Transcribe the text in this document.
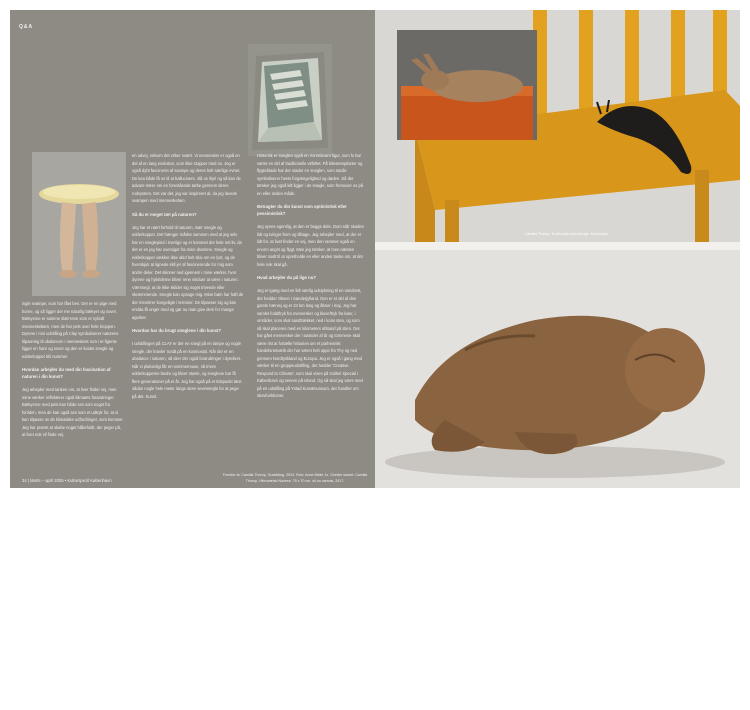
Q&A

ingle svampe, som har fået ben. Der er en pige med horne, og så ligger der me naturlig bækyer og sover. Bækyerne er samme slatt-rene som et nyfødt menneskebarn, men de har pels over hele kroppen. Dyrene i min udstilling på Clay symboliserer naturens tilpasning til ubalancen i menneskets rum i et figente ligger en hare og sover og den er koolet snegle og edderkopper titil nummer.

Hvordan arbejder du med din fascination af naturen i din kunst?

Jeg arbejder med tanken om, at liver finder vej, men mine værker reflekterer også klimaets forandringer. Bækyerne med pels kan både ses som noget fra fortiden, men de kan også ses som et udtryk for, at vi kan tilpasse os de klimatiske udfordringer, som kommer. Jeg har prøvet at skabe noget håbefuldt, der peger på, at livet nok vil finde vej.

en udvej, selvom det virker svært. Vi mennesker er også en del af en lang evolution, som ikke stopper med os. Jeg er også dybt fascineret af svampe og deres helt særlige evner. De kan både få os til at hallucinere, slå os ihjel og så kan de advare træer om en forestående tørke gennem deres rodsystem. Det var det, jeg var inspireret af, da jeg lavede svampen med menneskeben.

Så du er meget tæt på naturen?

Jeg har et nært forhold til naturen, især snegle og edderkopper. Det hænger måske sammen med at jeg selv har en sneglepind i Sverige og er kommet der hele mit liv, da det er en jeg har oversiget fra mine drømme. Snegle og edderkopper vækker ikke altid helt skiv om en lyst, og de hverskjulr at lignede skil jer af fascinerende for mig som andre deler. Det skinner ned igennem i mine værker, hvor dyrene og hybriderne bliver rene vinduer at være i naturen. Værsnegl. at de ikke skilder sig noget trivende eller skræmmende. Snegle kan opsage mig. Mine bøm har haft de der meontrer kongeligte i terrarier. De tilpasser sig og kan endda få unger med og gør nu man give dem for mange agurker.

Hvordan har du brugt sneglene i din kunst?

I udstillingen på CLAY er der en snegl på en lampe og nogle snegle, der kravler rundt på en kosmostol. Når der er en ubalance i naturen, så sker der også forandringer i dyrelivet. Når vi plukseligt får en sommermuse, så trives edderkopperne bedre og bliver større, og sneglene bar få flere generationer på et år. Jeg har også på et tidspunkt læst sådan nogle hele meter lange store sevesnegle for at pege på det. Kunst.

Historisk er sneglen også en ironmiscant figur, som fx har været en del af traditionelle vitfeltet. På bilestempilarter og flygteblade har der stader en sneglen, som studie symboliserer hvets forgængelighed og døden. Så det tænker jeg også kilt ligger i de snegle, som fremover os på en eller anden måde.

Betragter du din kunst som optimistisk eller pessimistisk?

Jeg synes egentlig, at den er begge dele. Dom står skaden lidt og tvinger frem og tilbage. Jeg arbejder med, at der er lidt for, at livet finder en vej, men den rammer også en enorm angst og flygt. Men jeg tænker, at men næsten bliver nødt til at opretholde en eller anden tanke om, at det hele nok skal gå.

Hvad arbejder du på lige nu?

Jeg er igang med en lidt særlig udstykning til en vandrest, der hedder Oksen i Sønderjylland. Den er et del af den gamle hærvej og er 24 km lang og åbner i maj. Jeg har samlet fodaftryk fra mennesker og kloveftryk fra køer, i områder, som skal sandtrækket, ned i kons sten, og som så skal placeres med en kilometers afstand på stien. Der har gået mennesker der i tusinder af år og tommene skal være rist at fortælle historien om et parhenrisk handelsnetværk der har været helt oppe fra Thy og ned gennem Nordtyskland og Europa. Jeg er også i gang med værker til en gruppeudstilling, der hedder 'Creative Respond to Climate', som skal vises på Galleri Special i København og senere på Island. Og så skal jeg være med på en udstilling på Ystad Kunstmuseum, der handler om skovfunktioner.

34 | Marts – april 2025 • Kulturspezil København
Forrefor ts: Camilla Thorup, Gudrikting. 2024. Foto: Anne Mette Jo. Overfor snaret: Camilla Thorup, Hibruvætsd Nosese. 75 x 70 cm, oil on canvas, 2017.
Camilla Thorup, Trochoraph and neroge. Kosmostol.
Camilla Thorup, Sovende Dreng. 2024. Foto: Anne Mette Jo.
